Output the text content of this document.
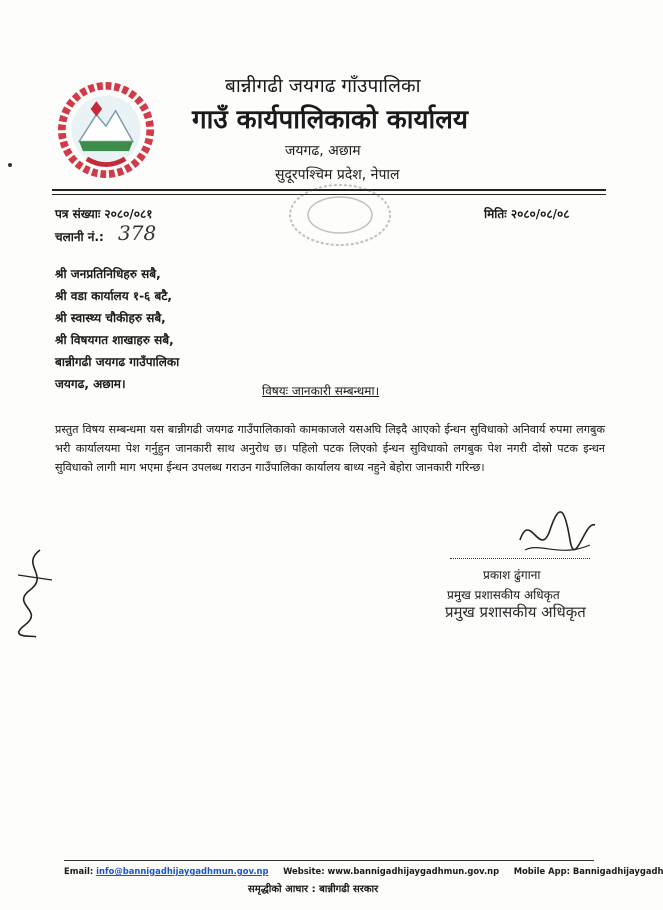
बान्नीगढी जयगढ गाँउपालिका
गाउँ कार्यपालिकाको कार्यालय
जयगढ, अछाम
सुदूरपश्चिम प्रदेश, नेपाल
पत्र संख्याः २०८०/०८१
चलानी नं.: 378
मितिः २०८०/०८/०८
श्री जनप्रतिनिधिहरु सबै,
श्री वडा कार्यालय १-६ बटै,
श्री स्वास्थ्य चौकीहरु सबै,
श्री विषयगत शाखाहरु सबै,
बान्नीगढी जयगढ गाउँपालिका
जयगढ, अछाम।	विषयः जानकारी सम्बन्धमा।
प्रस्तुत विषय सम्बन्धमा यस बान्नीगढी जयगढ गाउँपालिकाको कामकाजले यसअघि लिइदै आएको ईन्धन सुविधाको अनिवार्य रुपमा लगबुक भरी कार्यालयमा पेश गर्नुहुन जानकारी साथ अनुरोध छ। पहिलो पटक लिएको ईन्धन सुविधाको लगबुक पेश नगरी दोस्रो पटक इन्धन सुविधाको लागी माग भएमा ईन्धन उपलब्ध गराउन गाउँपालिका कार्यालय बाध्य नहुने बेहोरा जानकारी गरिन्छ।
प्रकाश ढुंगाना
प्रमुख प्रशासकीय अधिकृत
प्रमुख प्रशासकीय अधिकृत
Email: info@bannigadhijaygadhmun.gov.np Website: www.bannigadhijaygadhmun.gov.np Mobile App: Bannigadhijaygadh
समृद्धीको आधार : बान्नीगढी सरकार
